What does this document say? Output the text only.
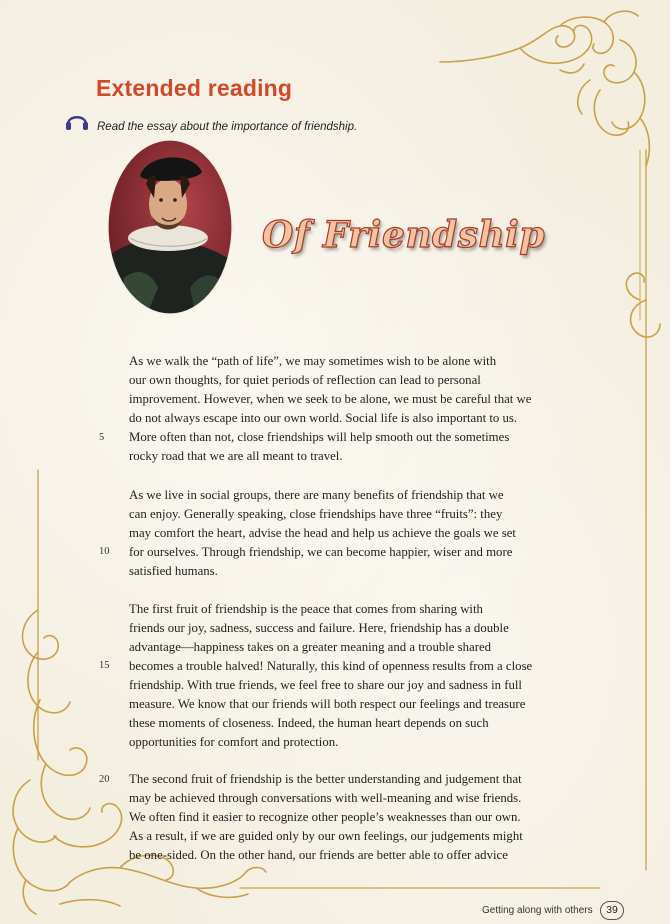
Extended reading
Read the essay about the importance of friendship.
Of Friendship
As we walk the “path of life”, we may sometimes wish to be alone with
our own thoughts, for quiet periods of reflection can lead to personal
improvement. However, when we seek to be alone, we must be careful that we
do not always escape into our own world. Social life is also important to us.
More often than not, close friendships will help smooth out the sometimes
rocky road that we are all meant to travel.
As we live in social groups, there are many benefits of friendship that we
can enjoy. Generally speaking, close friendships have three “fruits”: they
may comfort the heart, advise the head and help us achieve the goals we set
for ourselves. Through friendship, we can become happier, wiser and more
satisfied humans.
The first fruit of friendship is the peace that comes from sharing with
friends our joy, sadness, success and failure. Here, friendship has a double
advantage—happiness takes on a greater meaning and a trouble shared
becomes a trouble halved! Naturally, this kind of openness results from a close
friendship. With true friends, we feel free to share our joy and sadness in full
measure. We know that our friends will both respect our feelings and treasure
these moments of closeness. Indeed, the human heart depends on such
opportunities for comfort and protection.
The second fruit of friendship is the better understanding and judgement that
may be achieved through conversations with well-meaning and wise friends.
We often find it easier to recognize other people’s weaknesses than our own.
As a result, if we are guided only by our own feelings, our judgements might
be one-sided. On the other hand, our friends are better able to offer advice
5
10
15
20
Getting along with others	39
